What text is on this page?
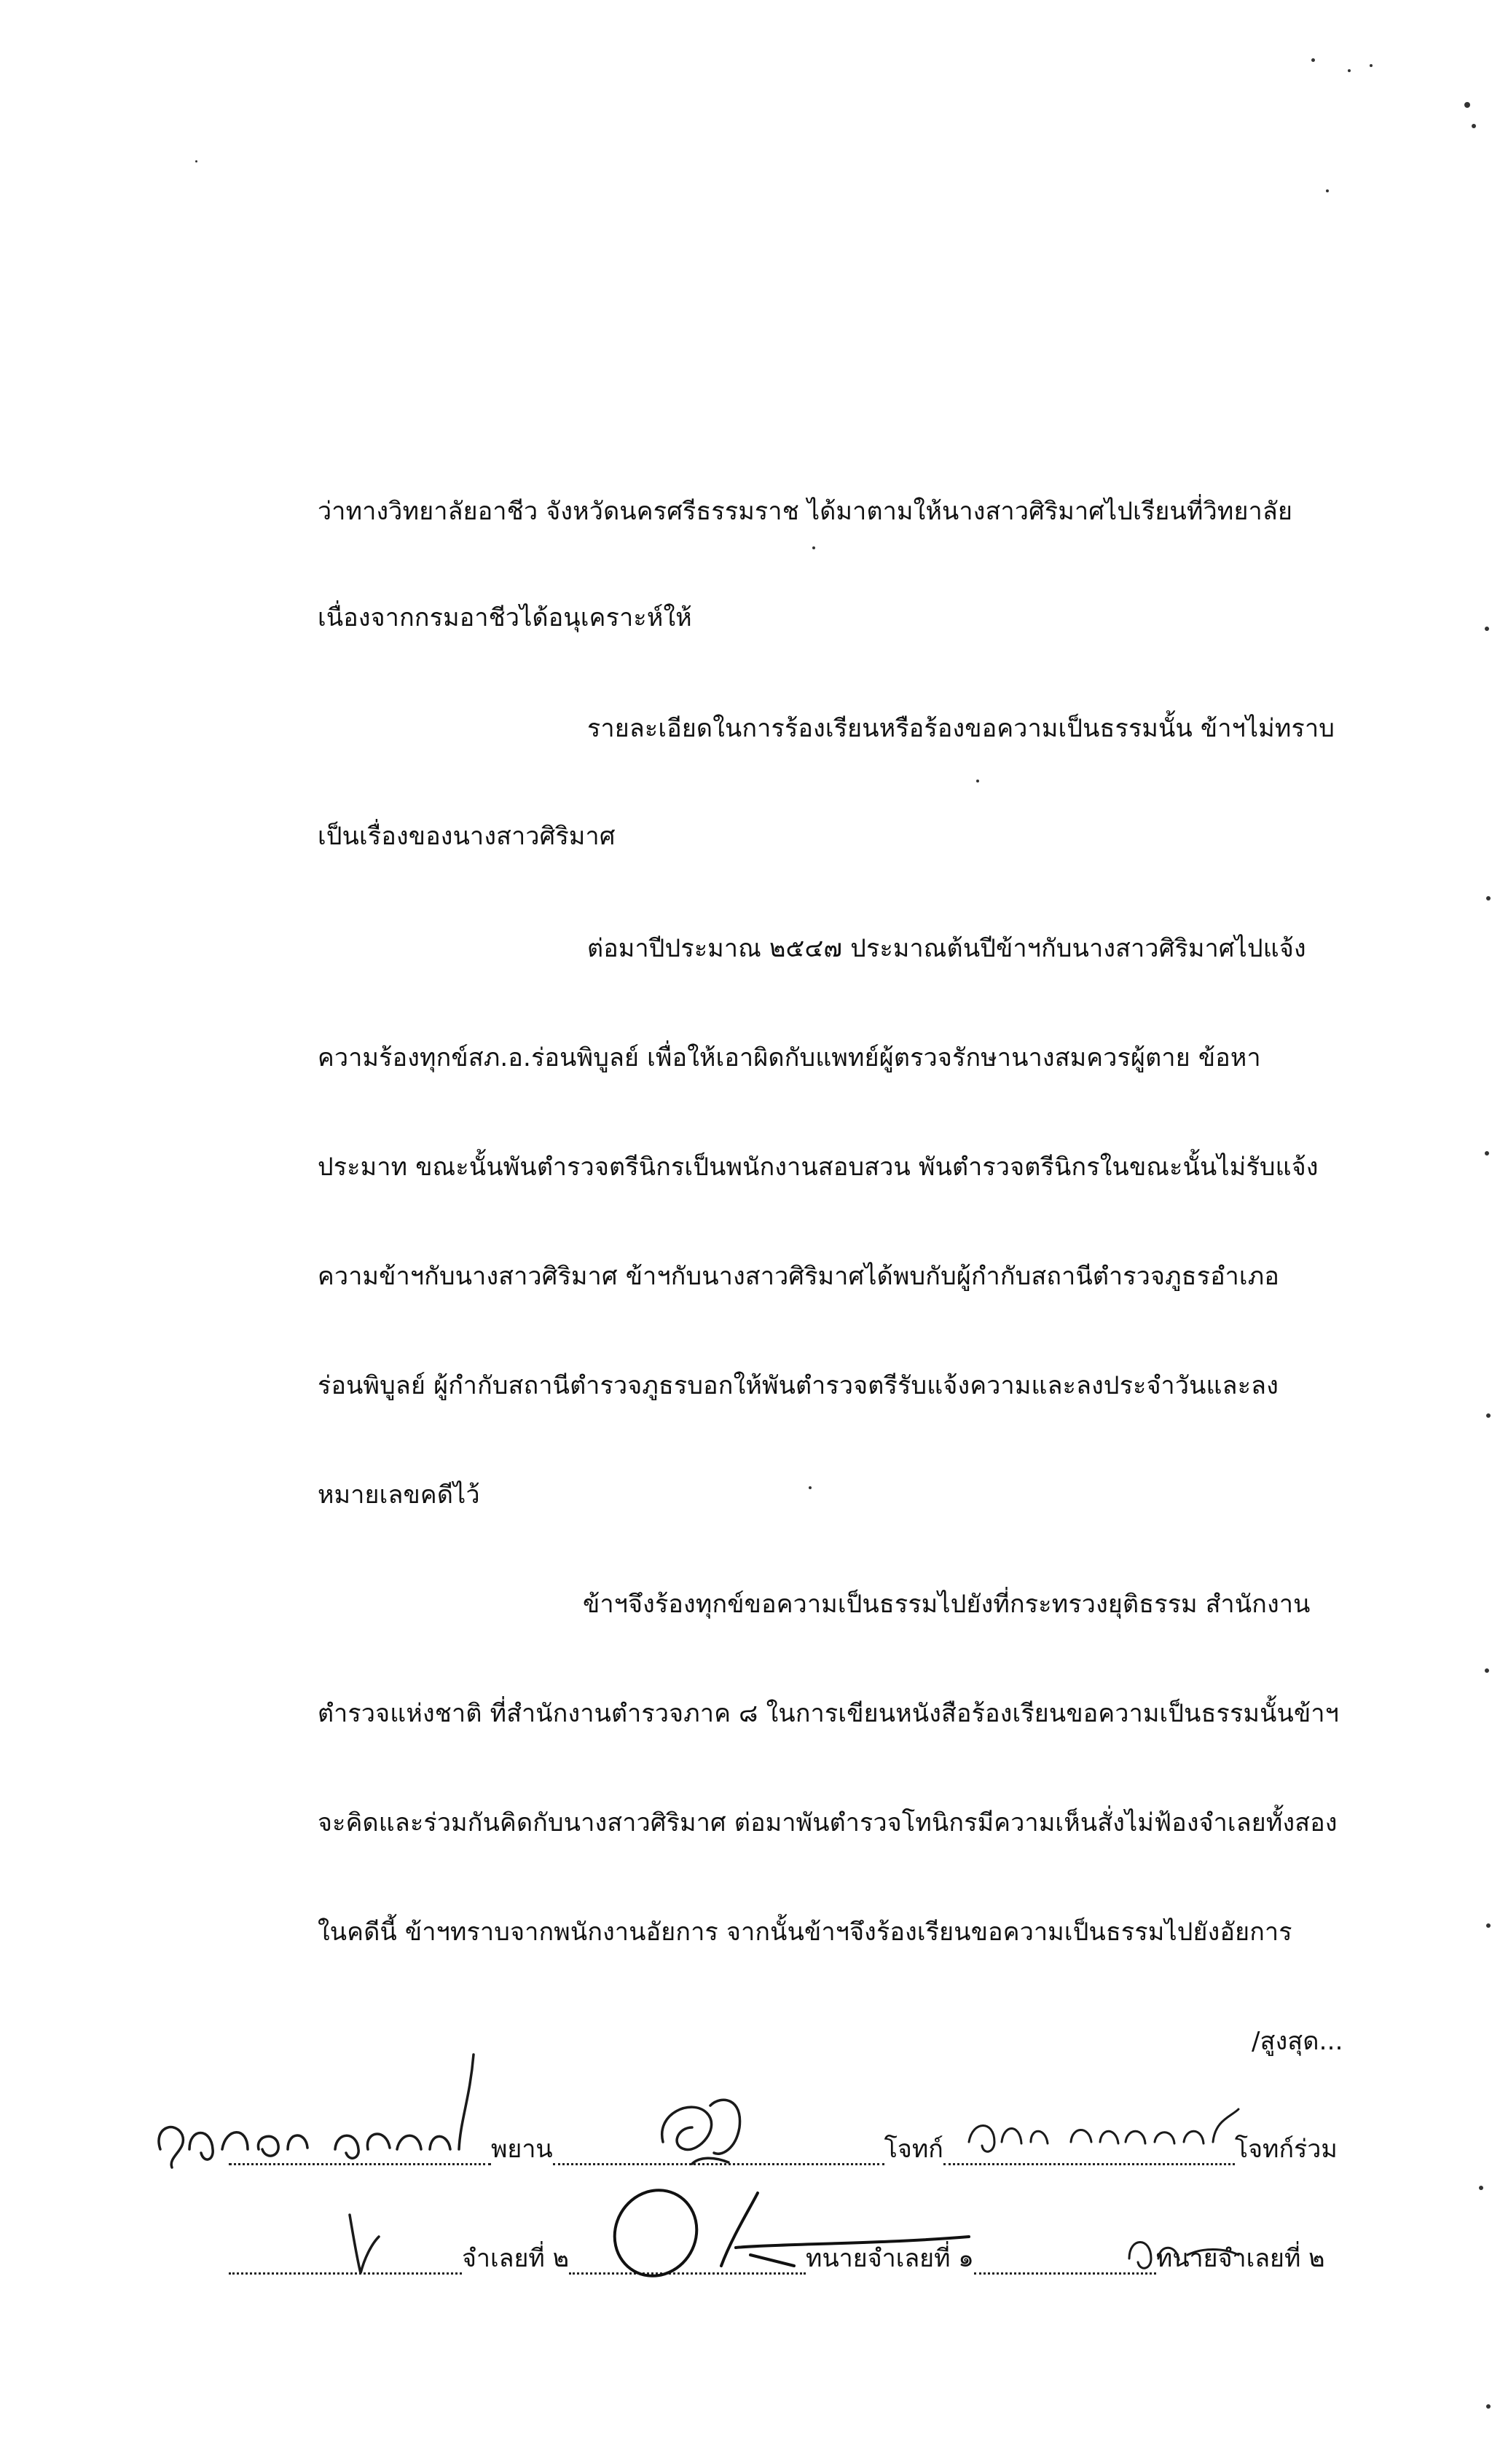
ว่าทางวิทยาลัยอาชีว จังหวัดนครศรีธรรมราช ได้มาตามให้นางสาวศิริมาศไปเรียนที่วิทยาลัย
เนื่องจากกรมอาชีวได้อนุเคราะห์ให้
รายละเอียดในการร้องเรียนหรือร้องขอความเป็นธรรมนั้น ข้าฯไม่ทราบ
เป็นเรื่องของนางสาวศิริมาศ
ต่อมาปีประมาณ ๒๕๔๗ ประมาณต้นปีข้าฯกับนางสาวศิริมาศไปแจ้ง
ความร้องทุกข์สภ.อ.ร่อนพิบูลย์ เพื่อให้เอาผิดกับแพทย์ผู้ตรวจรักษานางสมควรผู้ตาย ข้อหา
ประมาท ขณะนั้นพันตำรวจตรีนิกรเป็นพนักงานสอบสวน พันตำรวจตรีนิกรในขณะนั้นไม่รับแจ้ง
ความข้าฯกับนางสาวศิริมาศ ข้าฯกับนางสาวศิริมาศได้พบกับผู้กำกับสถานีตำรวจภูธรอำเภอ
ร่อนพิบูลย์ ผู้กำกับสถานีตำรวจภูธรบอกให้พันตำรวจตรีรับแจ้งความและลงประจำวันและลง
หมายเลขคดีไว้
ข้าฯจึงร้องทุกข์ขอความเป็นธรรมไปยังที่กระทรวงยุติธรรม สำนักงาน
ตำรวจแห่งชาติ ที่สำนักงานตำรวจภาค ๘ ในการเขียนหนังสือร้องเรียนขอความเป็นธรรมนั้นข้าฯ
จะคิดและร่วมกันคิดกับนางสาวศิริมาศ ต่อมาพันตำรวจโทนิกรมีความเห็นสั่งไม่ฟ้องจำเลยทั้งสอง
ในคดีนี้ ข้าฯทราบจากพนักงานอัยการ จากนั้นข้าฯจึงร้องเรียนขอความเป็นธรรมไปยังอัยการ
/สูงสุด...
พยาน	โจทก์	โจทก์ร่วม
จำเลยที่ ๒	ทนายจำเลยที่ ๑	ทนายจำเลยที่ ๒
